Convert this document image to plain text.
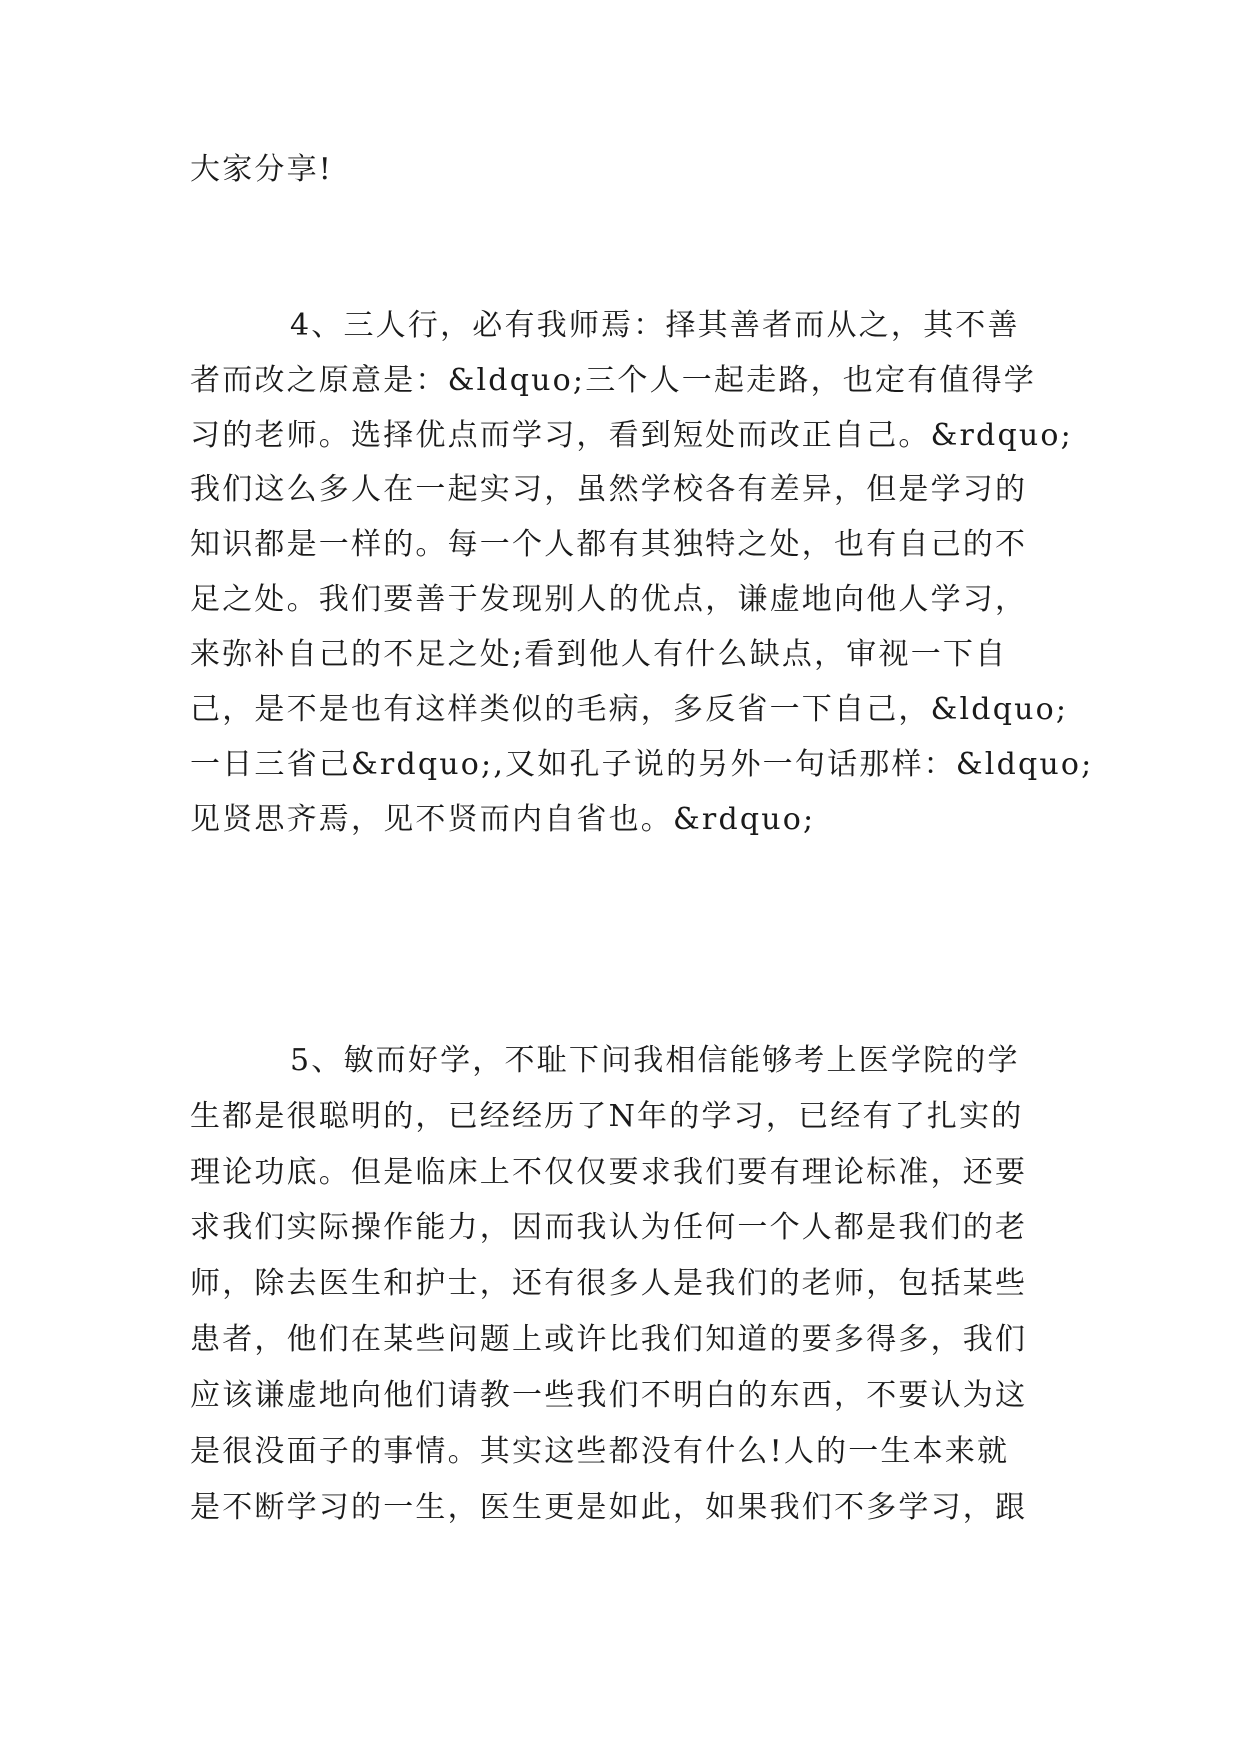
大家分享!
4、三人行，必有我师焉：择其善者而从之，其不善
者而改之原意是：&ldquo;三个人一起走路，也定有值得学
习的老师。选择优点而学习，看到短处而改正自己。&rdquo;
我们这么多人在一起实习，虽然学校各有差异，但是学习的
知识都是一样的。每一个人都有其独特之处，也有自己的不
足之处。我们要善于发现别人的优点，谦虚地向他人学习，
来弥补自己的不足之处;看到他人有什么缺点，审视一下自
己，是不是也有这样类似的毛病，多反省一下自己，&ldquo;
一日三省己&rdquo;,又如孔子说的另外一句话那样：&ldquo;
见贤思齐焉，见不贤而内自省也。&rdquo;
5、敏而好学，不耻下问我相信能够考上医学院的学
生都是很聪明的，已经经历了N年的学习，已经有了扎实的
理论功底。但是临床上不仅仅要求我们要有理论标准，还要
求我们实际操作能力，因而我认为任何一个人都是我们的老
师，除去医生和护士，还有很多人是我们的老师，包括某些
患者，他们在某些问题上或许比我们知道的要多得多，我们
应该谦虚地向他们请教一些我们不明白的东西，不要认为这
是很没面子的事情。其实这些都没有什么!人的一生本来就
是不断学习的一生，医生更是如此，如果我们不多学习，跟
